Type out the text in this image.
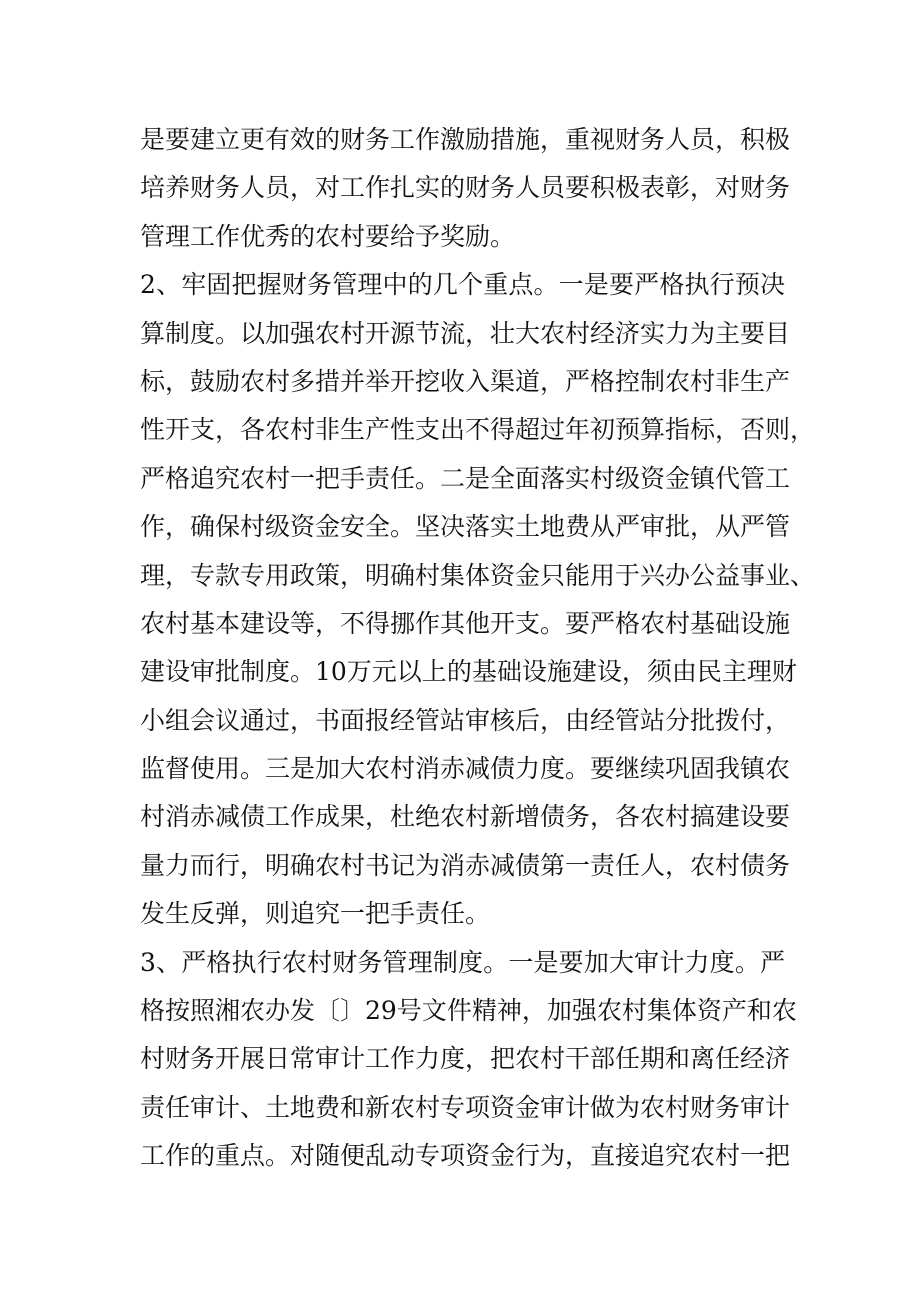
是要建立更有效的财务工作激励措施，重视财务人员，积极
培养财务人员，对工作扎实的财务人员要积极表彰，对财务
管理工作优秀的农村要给予奖励。
2、牢固把握财务管理中的几个重点。一是要严格执行预决
算制度。以加强农村开源节流，壮大农村经济实力为主要目
标，鼓励农村多措并举开挖收入渠道，严格控制农村非生产
性开支，各农村非生产性支出不得超过年初预算指标，否则，
严格追究农村一把手责任。二是全面落实村级资金镇代管工
作，确保村级资金安全。坚决落实土地费从严审批，从严管
理，专款专用政策，明确村集体资金只能用于兴办公益事业、
农村基本建设等，不得挪作其他开支。要严格农村基础设施
建设审批制度。10万元以上的基础设施建设，须由民主理财
小组会议通过，书面报经管站审核后，由经管站分批拨付，
监督使用。三是加大农村消赤减债力度。要继续巩固我镇农
村消赤减债工作成果，杜绝农村新增债务，各农村搞建设要
量力而行，明确农村书记为消赤减债第一责任人，农村债务
发生反弹，则追究一把手责任。
3、严格执行农村财务管理制度。一是要加大审计力度。严
格按照湘农办发〔〕29号文件精神，加强农村集体资产和农
村财务开展日常审计工作力度，把农村干部任期和离任经济
责任审计、土地费和新农村专项资金审计做为农村财务审计
工作的重点。对随便乱动专项资金行为，直接追究农村一把
